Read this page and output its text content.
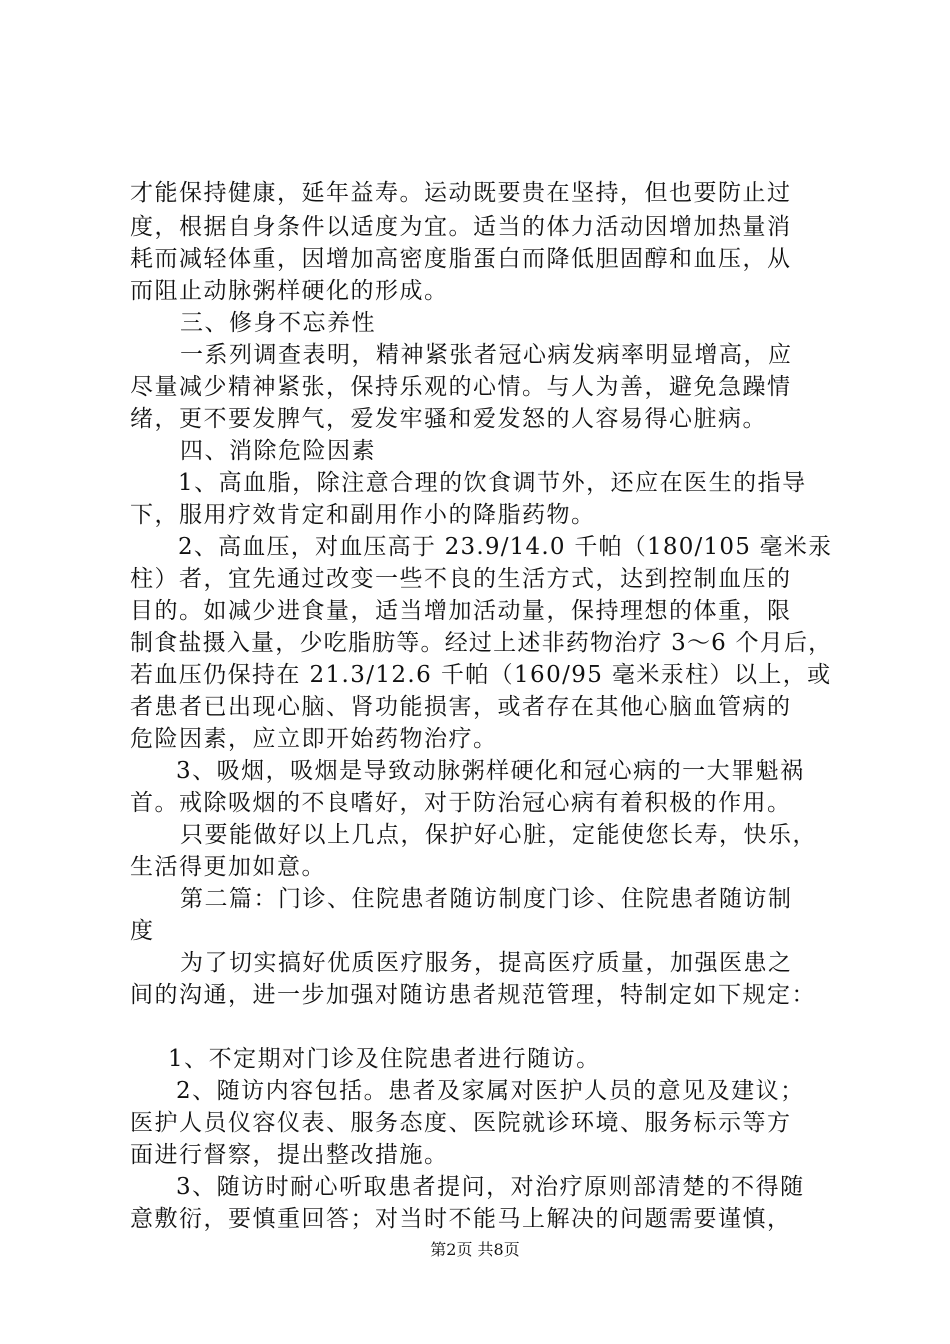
才能保持健康，延年益寿。运动既要贵在坚持，但也要防止过
度，根据自身条件以适度为宜。适当的体力活动因增加热量消
耗而减轻体重，因增加高密度脂蛋白而降低胆固醇和血压，从
而阻止动脉粥样硬化的形成。
三、修身不忘养性
一系列调查表明，精神紧张者冠心病发病率明显增高，应
尽量减少精神紧张，保持乐观的心情。与人为善，避免急躁情
绪，更不要发脾气，爱发牢骚和爱发怒的人容易得心脏病。
四、消除危险因素
1、高血脂，除注意合理的饮食调节外，还应在医生的指导
下，服用疗效肯定和副用作小的降脂药物。
2、高血压，对血压高于 23.9/14.0 千帕（180/105 毫米汞
柱）者，宜先通过改变一些不良的生活方式，达到控制血压的
目的。如减少进食量，适当增加活动量，保持理想的体重，限
制食盐摄入量，少吃脂肪等。经过上述非药物治疗 3～6 个月后，
若血压仍保持在 21.3/12.6 千帕（160/95 毫米汞柱）以上，或
者患者已出现心脑、肾功能损害，或者存在其他心脑血管病的
危险因素，应立即开始药物治疗。
3、吸烟，吸烟是导致动脉粥样硬化和冠心病的一大罪魁祸
首。戒除吸烟的不良嗜好，对于防治冠心病有着积极的作用。
只要能做好以上几点，保护好心脏，定能使您长寿，快乐，
生活得更加如意。
第二篇：门诊、住院患者随访制度门诊、住院患者随访制
度
为了切实搞好优质医疗服务，提高医疗质量，加强医患之
间的沟通，进一步加强对随访患者规范管理，特制定如下规定：
1、不定期对门诊及住院患者进行随访。
2、随访内容包括。患者及家属对医护人员的意见及建议；
医护人员仪容仪表、服务态度、医院就诊环境、服务标示等方
面进行督察，提出整改措施。
3、随访时耐心听取患者提问，对治疗原则部清楚的不得随
意敷衍，要慎重回答；对当时不能马上解决的问题需要谨慎，
第2页 共8页
